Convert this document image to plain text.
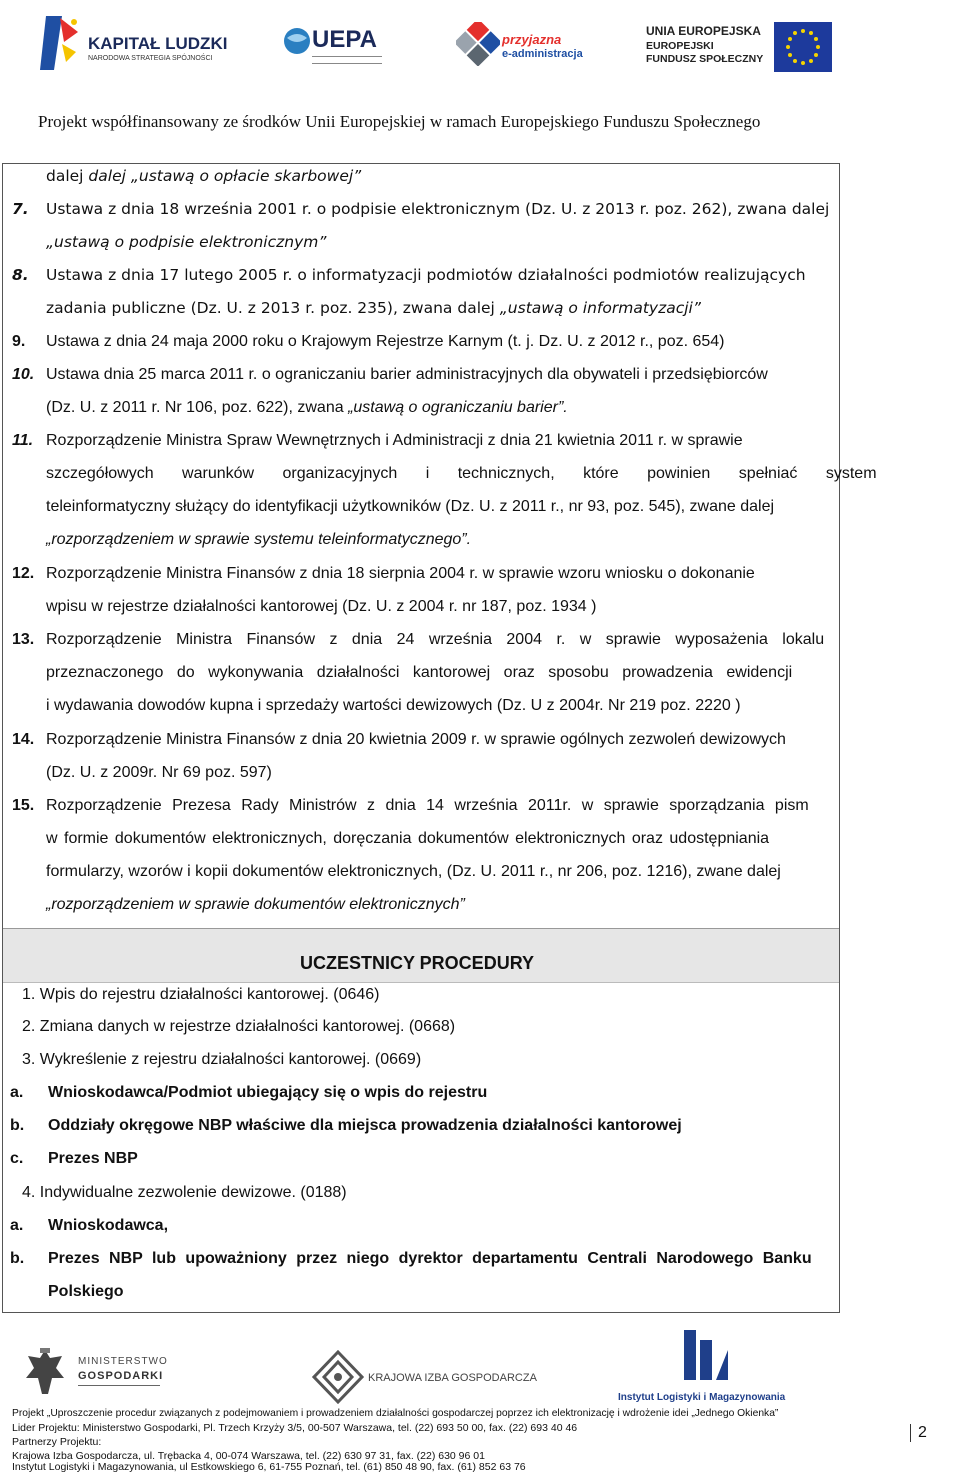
KAPITAŁ LUDZKI
NARODOWA STRATEGIA SPÓJNOŚCI
UEPA	przyjazna
e-administracja
UNIA EUROPEJSKA
EUROPEJSKI
FUNDUSZ SPOŁECZNY
Projekt współfinansowany ze środków Unii Europejskiej w ramach Europejskiego Funduszu Społecznego
dalej dalej „ustawą o opłacie skarbowej”
7. Ustawa z dnia 18 września 2001 r. o podpisie elektronicznym (Dz. U. z 2013 r. poz. 262), zwana dalej
„ustawą o podpisie elektronicznym”
8. Ustawa z dnia 17 lutego 2005 r. o informatyzacji podmiotów działalności podmiotów realizujących
zadania publiczne (Dz. U. z 2013 r. poz. 235), zwana dalej „ustawą o informatyzacji”
9. Ustawa z dnia 24 maja 2000 roku o Krajowym Rejestrze Karnym (t. j. Dz. U. z 2012 r., poz. 654)
10. Ustawa dnia 25 marca 2011 r. o ograniczaniu barier administracyjnych dla obywateli i przedsiębiorców
(Dz. U. z 2011 r. Nr 106, poz. 622), zwana „ustawą o ograniczaniu barier”.
11. Rozporządzenie Ministra Spraw Wewnętrznych i Administracji z dnia 21 kwietnia 2011 r. w sprawie
szczegółowych warunków organizacyjnych i technicznych, które powinien spełniać system
teleinformatyczny służący do identyfikacji użytkowników (Dz. U. z 2011 r., nr 93, poz. 545), zwane dalej
„rozporządzeniem w sprawie systemu teleinformatycznego”.
12. Rozporządzenie Ministra Finansów z dnia 18 sierpnia 2004 r. w sprawie wzoru wniosku o dokonanie
wpisu w rejestrze działalności kantorowej (Dz. U. z 2004 r. nr 187, poz. 1934 )
13. Rozporządzenie Ministra Finansów z dnia 24 września 2004 r. w sprawie wyposażenia lokalu
przeznaczonego do wykonywania działalności kantorowej oraz sposobu prowadzenia ewidencji
i wydawania dowodów kupna i sprzedaży wartości dewizowych (Dz. U z 2004r. Nr 219 poz. 2220 )
14. Rozporządzenie Ministra Finansów z dnia 20 kwietnia 2009 r. w sprawie ogólnych zezwoleń dewizowych
(Dz. U. z 2009r. Nr 69 poz. 597)
15. Rozporządzenie Prezesa Rady Ministrów z dnia 14 września 2011r. w sprawie sporządzania pism
w formie dokumentów elektronicznych, doręczania dokumentów elektronicznych oraz udostępniania
formularzy, wzorów i kopii dokumentów elektronicznych, (Dz. U. 2011 r., nr 206, poz. 1216), zwane dalej
„rozporządzeniem w sprawie dokumentów elektronicznych”
UCZESTNICY PROCEDURY
1. Wpis do rejestru działalności kantorowej. (0646)
2. Zmiana danych w rejestrze działalności kantorowej. (0668)
3. Wykreślenie z rejestru działalności kantorowej. (0669)
a. Wnioskodawca/Podmiot ubiegający się o wpis do rejestru
b. Oddziały okręgowe NBP właściwe dla miejsca prowadzenia działalności kantorowej
c. Prezes NBP
4. Indywidualne zezwolenie dewizowe. (0188)
a. Wnioskodawca,
b. Prezes NBP lub upoważniony przez niego dyrektor departamentu Centrali Narodowego Banku
Polskiego
MINISTERSTWO
GOSPODARKI	KRAJOWA IZBA GOSPODARCZA
Instytut Logistyki i Magazynowania
Projekt „Uproszczenie procedur związanych z podejmowaniem i prowadzeniem działalności gospodarczej poprzez ich elektronizację i wdrożenie idei „Jednego Okienka”
Lider Projektu: Ministerstwo Gospodarki, Pl. Trzech Krzyży 3/5, 00-507 Warszawa, tel. (22) 693 50 00, fax. (22) 693 40 46
Partnerzy Projektu:
Krajowa Izba Gospodarcza, ul. Trębacka 4, 00-074 Warszawa, tel. (22) 630 97 31, fax. (22) 630 96 01
Instytut Logistyki i Magazynowania, ul Estkowskiego 6, 61-755 Poznań, tel. (61) 850 48 90, fax. (61) 852 63 76
2
